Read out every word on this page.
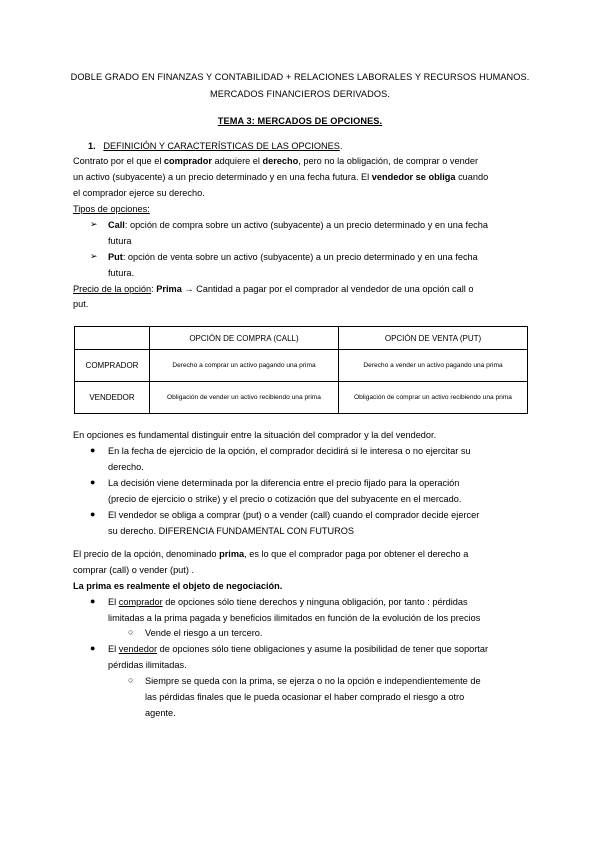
DOBLE GRADO EN FINANZAS Y CONTABILIDAD + RELACIONES LABORALES Y RECURSOS HUMANOS.
MERCADOS FINANCIEROS DERIVADOS.
TEMA 3: MERCADOS DE OPCIONES.
1. DEFINICIÓN Y CARACTERÍSTICAS DE LAS OPCIONES.
Contrato por el que el comprador adquiere el derecho, pero no la obligación, de comprar o vender
un activo (subyacente) a un precio determinado y en una fecha futura. El vendedor se obliga cuando
el comprador ejerce su derecho.
Tipos de opciones:
➢ Call: opción de compra sobre un activo (subyacente) a un precio determinado y en una fecha
futura
➢ Put: opción de venta sobre un activo (subyacente) a un precio determinado y en una fecha
futura.
Precio de la opción: Prima → Cantidad a pagar por el comprador al vendedor de una opción call o
put.
	OPCIÓN DE COMPRA (CALL)	OPCIÓN DE VENTA (PUT)
COMPRADOR	Derecho a comprar un activo pagando una prima	Derecho a vender un activo pagando una prima
VENDEDOR	Obligación de vender un activo recibiendo una prima	Obligación de comprar un activo recibiendo una prima
En opciones es fundamental distinguir entre la situación del comprador y la del vendedor.
● En la fecha de ejercicio de la opción, el comprador decidirá si le interesa o no ejercitar su
derecho.
● La decisión viene determinada por la diferencia entre el precio fijado para la operación
(precio de ejercicio o strike) y el precio o cotización que del subyacente en el mercado.
● El vendedor se obliga a comprar (put) o a vender (call) cuando el comprador decide ejercer
su derecho. DIFERENCIA FUNDAMENTAL CON FUTUROS
El precio de la opción, denominado prima, es lo que el comprador paga por obtener el derecho a
comprar (call) o vender (put) .
La prima es realmente el objeto de negociación.
● El comprador de opciones sólo tiene derechos y ninguna obligación, por tanto : pérdidas
limitadas a la prima pagada y beneficios ilimitados en función de la evolución de los precios
○ Vende el riesgo a un tercero.
● El vendedor de opciones sólo tiene obligaciones y asume la posibilidad de tener que soportar
pérdidas ilimitadas.
○ Siempre se queda con la prima, se ejerza o no la opción e independientemente de
las pérdidas finales que le pueda ocasionar el haber comprado el riesgo a otro
agente.
